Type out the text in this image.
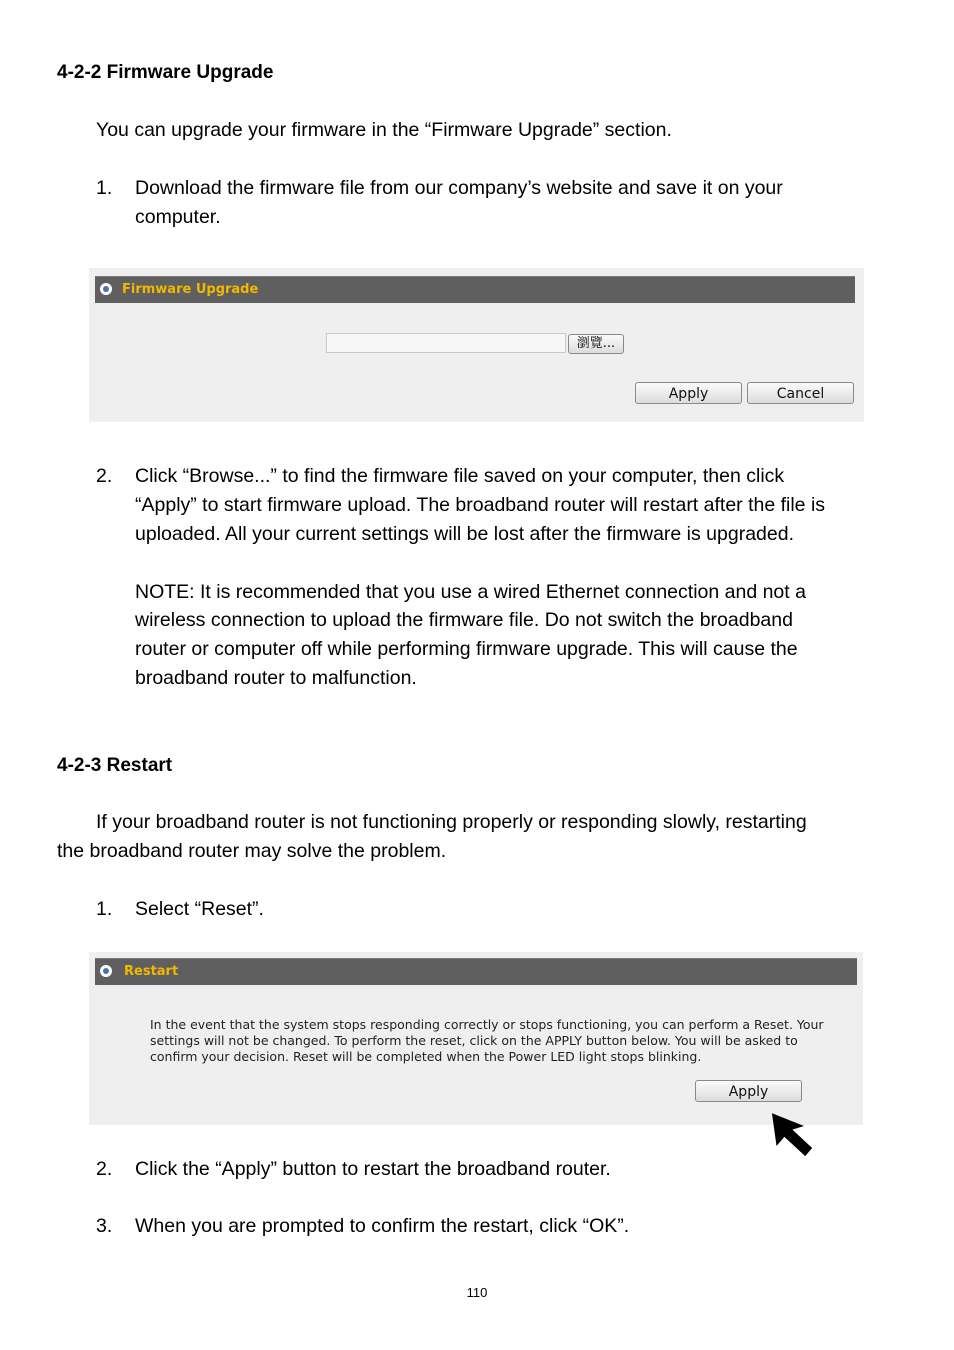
4-2-2 Firmware Upgrade
You can upgrade your firmware in the “Firmware Upgrade” section.
1. Download the firmware file from our company’s website and save it on your
computer.
Firmware Upgrade
瀏覽...
Apply	Cancel
2. Click “Browse...” to find the firmware file saved on your computer, then click
“Apply” to start firmware upload. The broadband router will restart after the file is
uploaded. All your current settings will be lost after the firmware is upgraded.
NOTE: It is recommended that you use a wired Ethernet connection and not a
wireless connection to upload the firmware file. Do not switch the broadband
router or computer off while performing firmware upgrade. This will cause the
broadband router to malfunction.
4-2-3 Restart
If your broadband router is not functioning properly or responding slowly, restarting
the broadband router may solve the problem.
1. Select “Reset”.
Restart
In the event that the system stops responding correctly or stops functioning, you can perform a Reset. Your
settings will not be changed. To perform the reset, click on the APPLY button below. You will be asked to
confirm your decision. Reset will be completed when the Power LED light stops blinking.
Apply
2. Click the “Apply” button to restart the broadband router.
3. When you are prompted to confirm the restart, click “OK”.
110
